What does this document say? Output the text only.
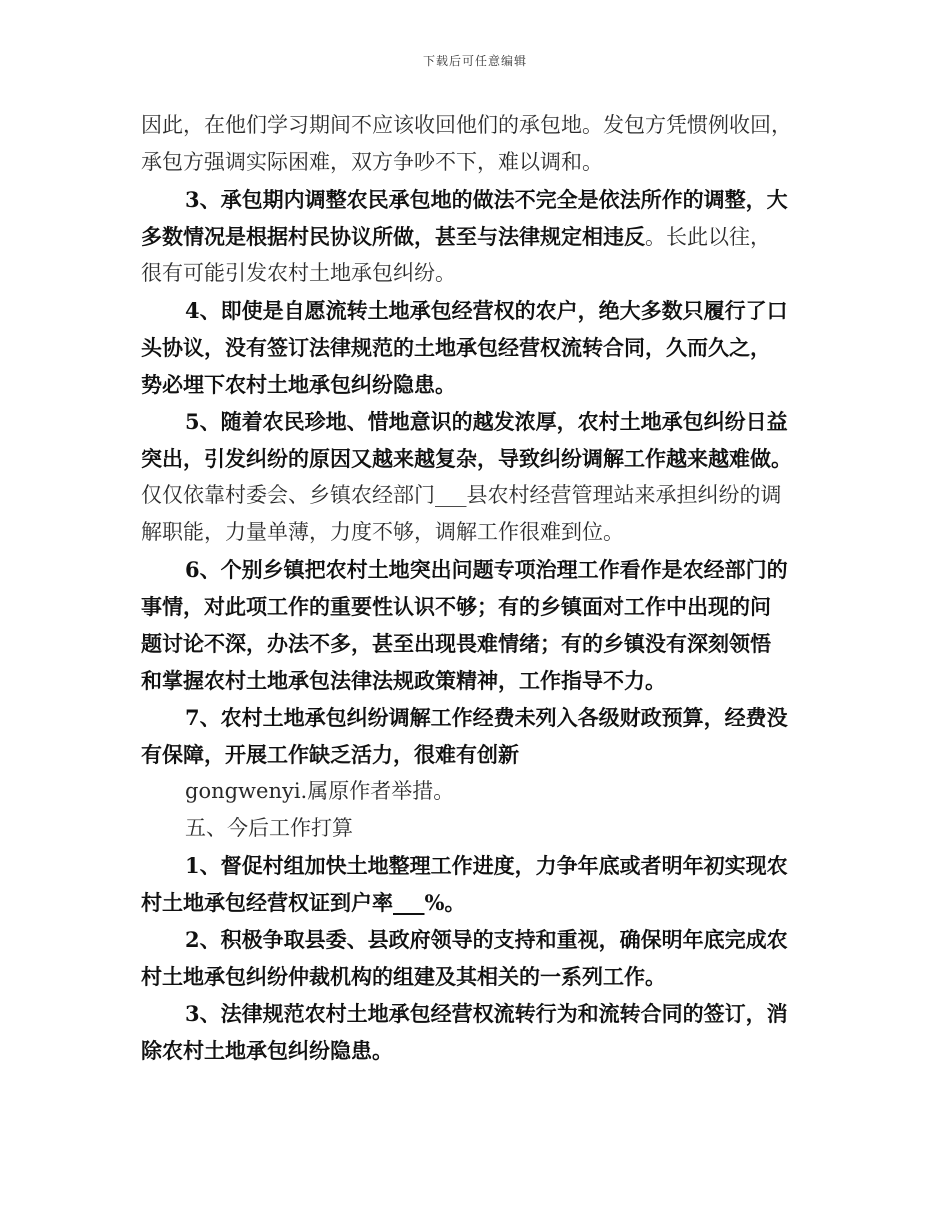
下载后可任意编辑
因此，在他们学习期间不应该收回他们的承包地。发包方凭惯例收回，
承包方强调实际困难，双方争吵不下，难以调和。
3、承包期内调整农民承包地的做法不完全是依法所作的调整，大
多数情况是根据村民协议所做，甚至与法律规定相违反。长此以往，
很有可能引发农村土地承包纠纷。
4、即使是自愿流转土地承包经营权的农户，绝大多数只履行了口
头协议，没有签订法律规范的土地承包经营权流转合同，久而久之，
势必埋下农村土地承包纠纷隐患。
5、随着农民珍地、惜地意识的越发浓厚，农村土地承包纠纷日益
突出，引发纠纷的原因又越来越复杂，导致纠纷调解工作越来越难做。
仅仅依靠村委会、乡镇农经部门___县农村经营管理站来承担纠纷的调
解职能，力量单薄，力度不够，调解工作很难到位。
6、个别乡镇把农村土地突出问题专项治理工作看作是农经部门的
事情，对此项工作的重要性认识不够；有的乡镇面对工作中出现的问
题讨论不深，办法不多，甚至出现畏难情绪；有的乡镇没有深刻领悟
和掌握农村土地承包法律法规政策精神，工作指导不力。
7、农村土地承包纠纷调解工作经费未列入各级财政预算，经费没
有保障，开展工作缺乏活力，很难有创新
gongwenyi.属原作者举措。
五、今后工作打算
1、督促村组加快土地整理工作进度，力争年底或者明年初实现农
村土地承包经营权证到户率___%。
2、积极争取县委、县政府领导的支持和重视，确保明年底完成农
村土地承包纠纷仲裁机构的组建及其相关的一系列工作。
3、法律规范农村土地承包经营权流转行为和流转合同的签订，消
除农村土地承包纠纷隐患。
